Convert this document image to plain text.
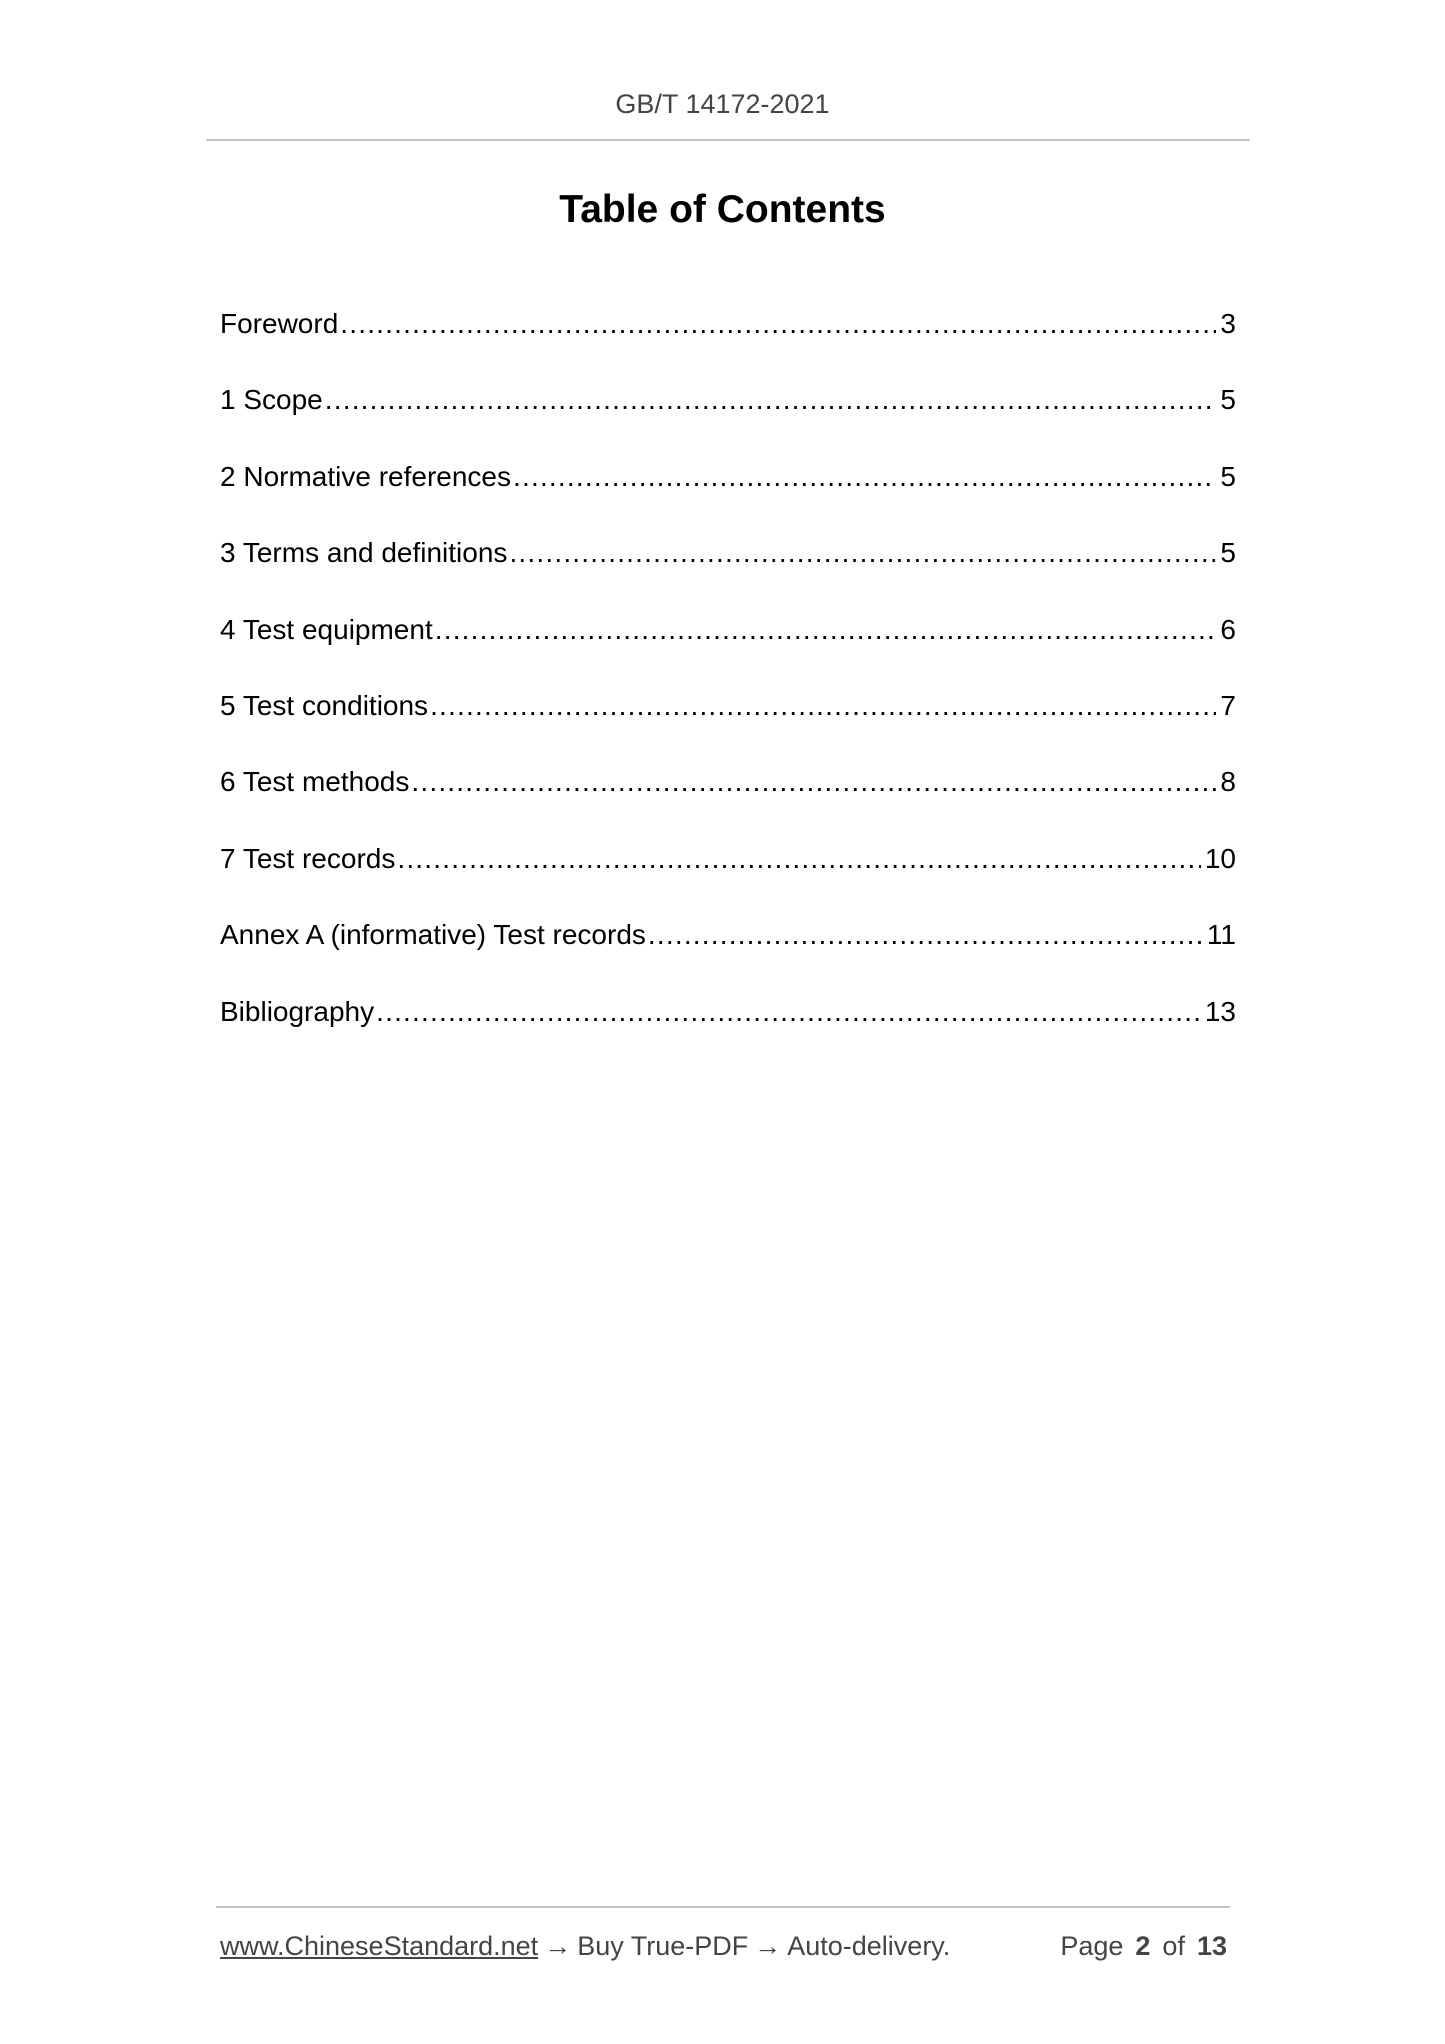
GB/T 14172-2021
Table of Contents
Foreword .....	3
1 Scope .....	5
2 Normative references .....	5
3 Terms and definitions .....	5
4 Test equipment .....	6
5 Test conditions .....	7
6 Test methods .....	8
7 Test records .....	10
Annex A (informative) Test records .....	11
Bibliography .....	13
www.ChineseStandard.net → Buy True-PDF → Auto-delivery.	Page 2 of 13
